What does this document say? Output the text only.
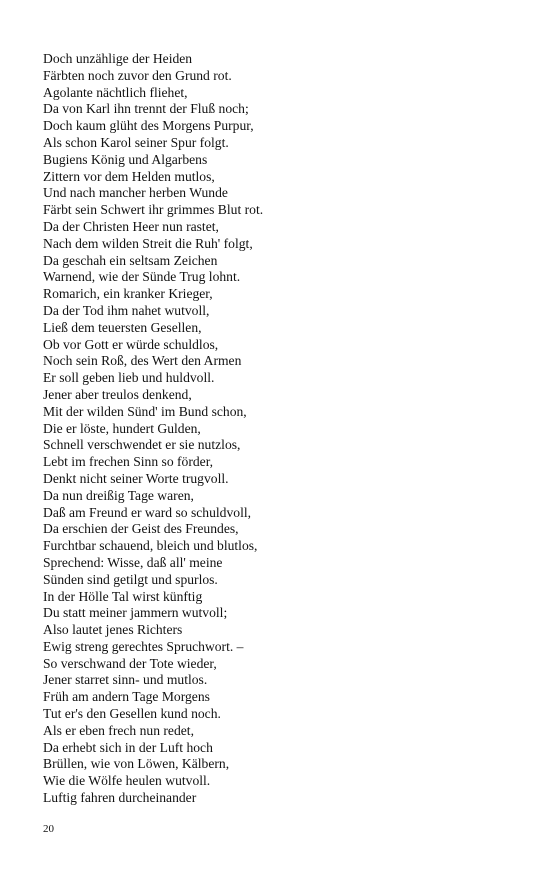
Doch unzählige der Heiden
Färbten noch zuvor den Grund rot.
Agolante nächtlich fliehet,
Da von Karl ihn trennt der Fluß noch;
Doch kaum glüht des Morgens Purpur,
Als schon Karol seiner Spur folgt.
Bugiens König und Algarbens
Zittern vor dem Helden mutlos,
Und nach mancher herben Wunde
Färbt sein Schwert ihr grimmes Blut rot.
Da der Christen Heer nun rastet,
Nach dem wilden Streit die Ruh' folgt,
Da geschah ein seltsam Zeichen
Warnend, wie der Sünde Trug lohnt.
Romarich, ein kranker Krieger,
Da der Tod ihm nahet wutvoll,
Ließ dem teuersten Gesellen,
Ob vor Gott er würde schuldlos,
Noch sein Roß, des Wert den Armen
Er soll geben lieb und huldvoll.
Jener aber treulos denkend,
Mit der wilden Sünd' im Bund schon,
Die er löste, hundert Gulden,
Schnell verschwendet er sie nutzlos,
Lebt im frechen Sinn so förder,
Denkt nicht seiner Worte trugvoll.
Da nun dreißig Tage waren,
Daß am Freund er ward so schuldvoll,
Da erschien der Geist des Freundes,
Furchtbar schauend, bleich und blutlos,
Sprechend: Wisse, daß all' meine
Sünden sind getilgt und spurlos.
In der Hölle Tal wirst künftig
Du statt meiner jammern wutvoll;
Also lautet jenes Richters
Ewig streng gerechtes Spruchwort. –
So verschwand der Tote wieder,
Jener starret sinn- und mutlos.
Früh am andern Tage Morgens
Tut er's den Gesellen kund noch.
Als er eben frech nun redet,
Da erhebt sich in der Luft hoch
Brüllen, wie von Löwen, Kälbern,
Wie die Wölfe heulen wutvoll.
Luftig fahren durcheinander
20
